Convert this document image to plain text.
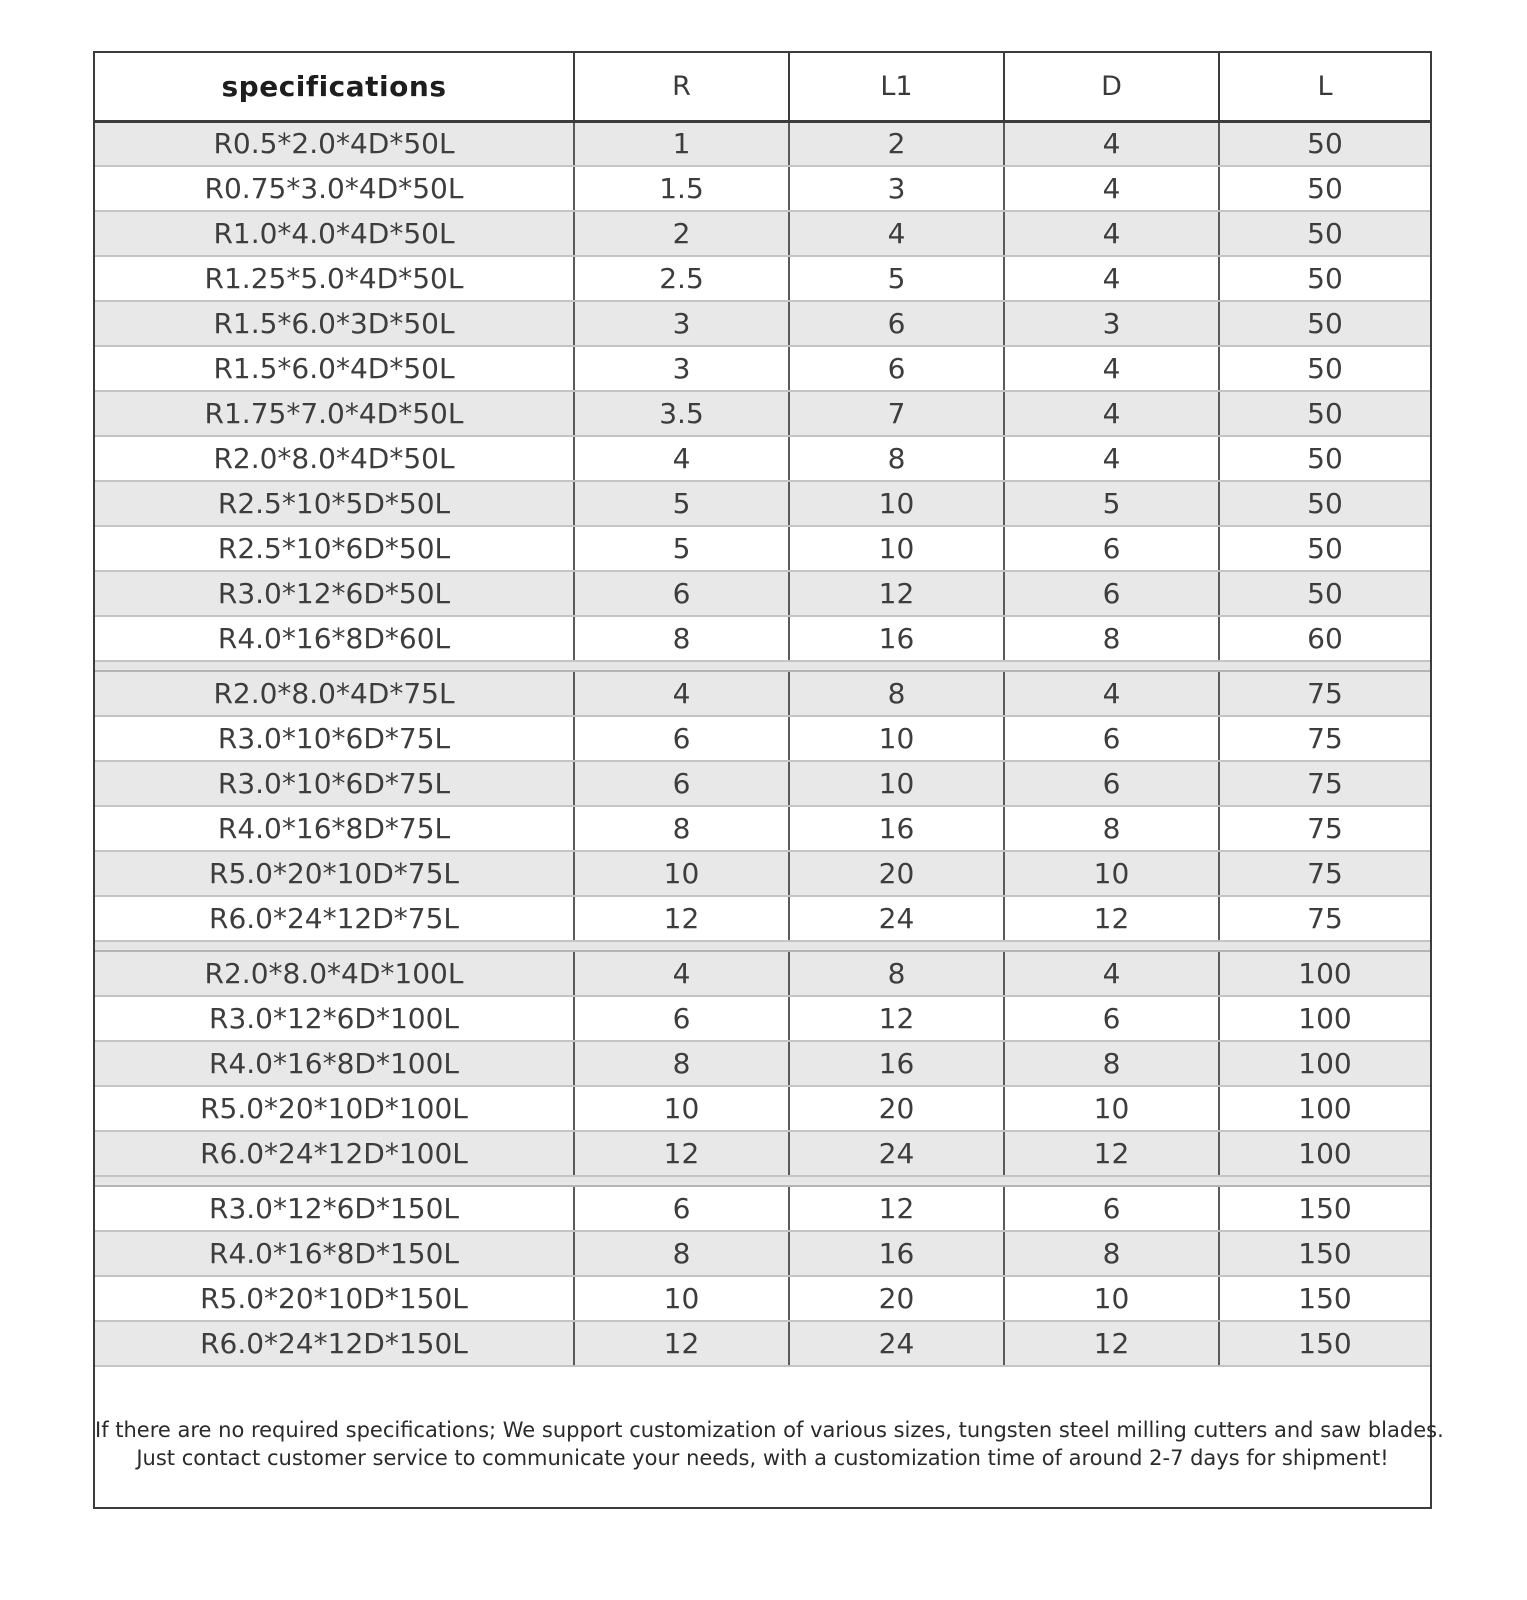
specifications	R	L1	D	L
R0.5*2.0*4D*50L	1	2	4	50
R0.75*3.0*4D*50L	1.5	3	4	50
R1.0*4.0*4D*50L	2	4	4	50
R1.25*5.0*4D*50L	2.5	5	4	50
R1.5*6.0*3D*50L	3	6	3	50
R1.5*6.0*4D*50L	3	6	4	50
R1.75*7.0*4D*50L	3.5	7	4	50
R2.0*8.0*4D*50L	4	8	4	50
R2.5*10*5D*50L	5	10	5	50
R2.5*10*6D*50L	5	10	6	50
R3.0*12*6D*50L	6	12	6	50
R4.0*16*8D*60L	8	16	8	60

R2.0*8.0*4D*75L	4	8	4	75
R3.0*10*6D*75L	6	10	6	75
R3.0*10*6D*75L	6	10	6	75
R4.0*16*8D*75L	8	16	8	75
R5.0*20*10D*75L	10	20	10	75
R6.0*24*12D*75L	12	24	12	75

R2.0*8.0*4D*100L	4	8	4	100
R3.0*12*6D*100L	6	12	6	100
R4.0*16*8D*100L	8	16	8	100
R5.0*20*10D*100L	10	20	10	100
R6.0*24*12D*100L	12	24	12	100

R3.0*12*6D*150L	6	12	6	150
R4.0*16*8D*150L	8	16	8	150
R5.0*20*10D*150L	10	20	10	150
R6.0*24*12D*150L	12	24	12	150
If there are no required specifications; We support customization of various sizes, tungsten steel milling cutters and saw blades.
Just contact customer service to communicate your needs, with a customization time of around 2-7 days for shipment!
